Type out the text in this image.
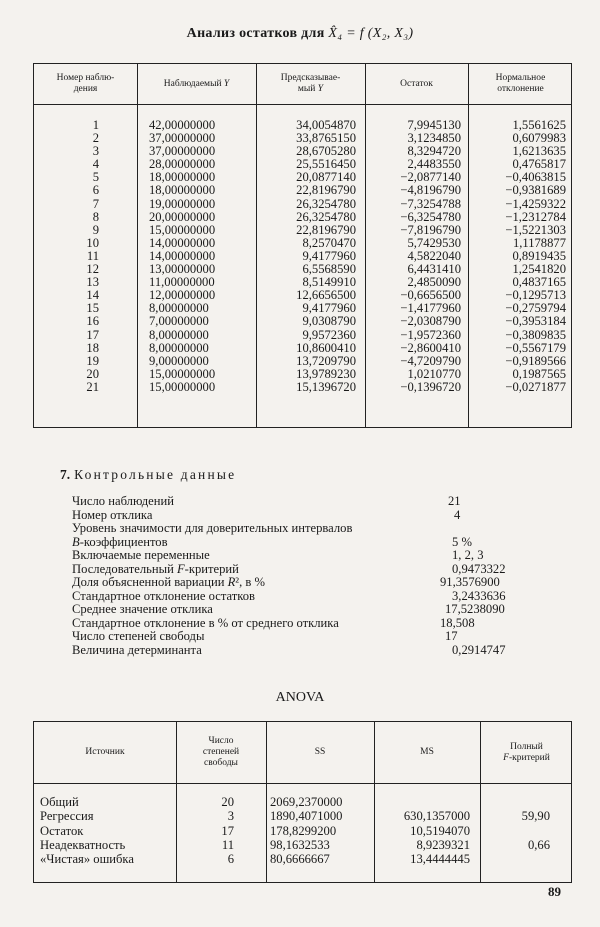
Анализ остатков для X̂₄ = f (X₂, X₃)
Номер наблю-
дения
Наблюдаемый Y
Предсказывае-
мый Y
Остаток
Нормальное
отклонение
1
2
3
4
5
6
7
8
9
10
11
12
13
14
15
16
17
18
19
20
21
42,00000000
37,00000000
37,00000000
28,00000000
18,00000000
18,00000000
19,00000000
20,00000000
15,00000000
14,00000000
14,00000000
13,00000000
11,00000000
12,00000000
8,00000000
7,00000000
8,00000000
8,00000000
9,00000000
15,00000000
15,00000000
34,0054870
33,8765150
28,6705280
25,5516450
20,0877140
22,8196790
26,3254780
26,3254780
22,8196790
8,2570470
9,4177960
6,5568590
8,5149910
12,6656500
9,4177960
9,0308790
9,9572360
10,8600410
13,7209790
13,9789230
15,1396720
7,9945130
3,1234850
8,3294720
2,4483550
−2,0877140
−4,8196790
−7,3254788
−6,3254780
−7,8196790
5,7429530
4,5822040
6,4431410
2,4850090
−0,6656500
−1,4177960
−2,0308790
−1,9572360
−2,8600410
−4,7209790
1,0210770
−0,1396720
1,5561625
0,6079983
1,6213635
0,4765817
−0,4063815
−0,9381689
−1,4259322
−1,2312784
−1,5221303
1,1178877
0,8919435
1,2541820
0,4837165
−0,1295713
−0,2759794
−0,3953184
−0,3809835
−0,5567179
−0,9189566
0,1987565
−0,0271877
7. Контрольные данные
Число наблюдений
Номер отклика
Уровень значимости для доверительных интервалов
B-коэффициентов
Включаемые переменные
Последовательный F-критерий
Доля объясненной вариации R², в %
Стандартное отклонение остатков
Среднее значение отклика
Стандартное отклонение в % от среднего отклика
Число степеней свободы
Величина детерминанта
21
4
5 %
1, 2, 3
0,9473322
91,3576900
3,2433636
17,5238090
18,508
17
0,2914747
ANOVA
Источник
Число
степеней
свободы
SS	MS
Полный
F-критерий
Общий
Регрессия
Остаток
Неадекватность
«Чистая» ошибка
20
3
17
11
6
2069,2370000
1890,4071000
178,8299200
98,1632533
80,6666667

630,1357000
10,5194070
8,9239321
13,4444445

59,90

0,66

89
